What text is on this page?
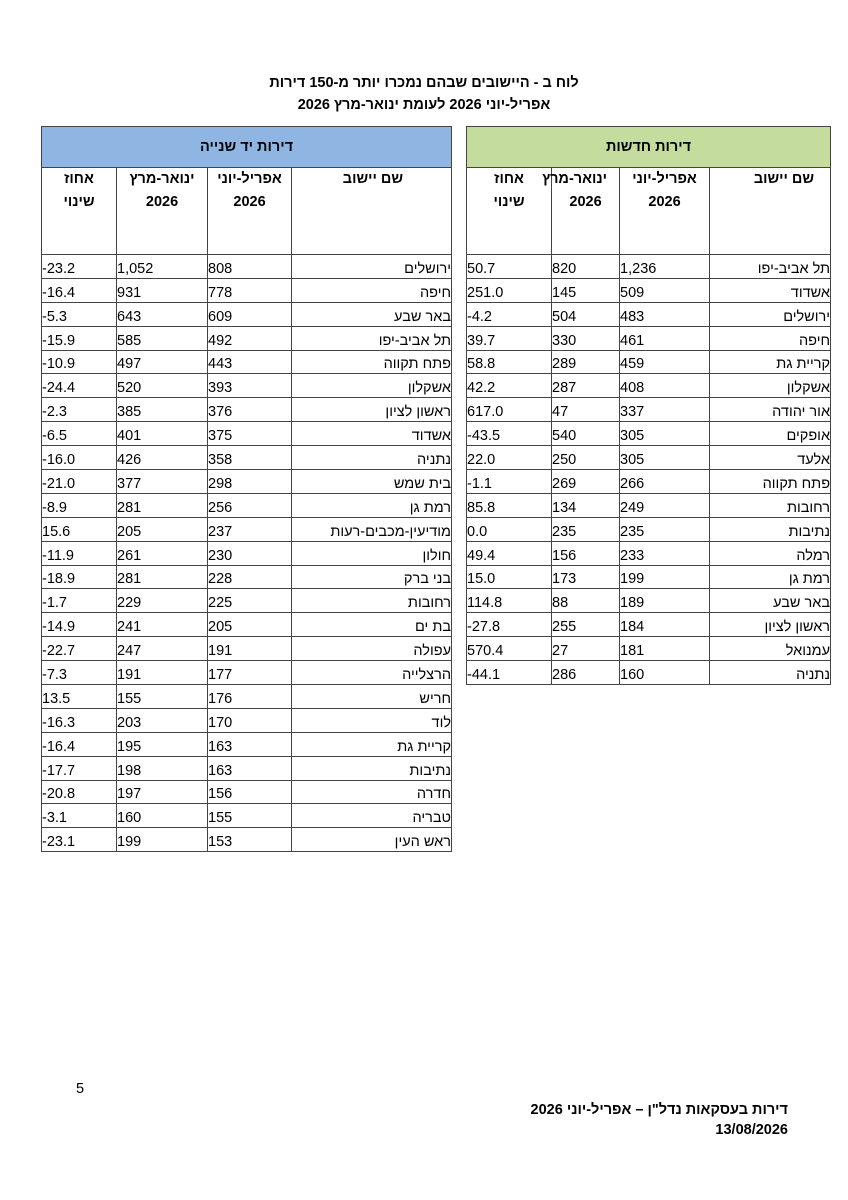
לוח ב - היישובים שבהם נמכרו יותר מ-150 דירות
אפריל-יוני 2026 לעומת ינואר-מרץ 2026
דירות חדשות			
שם יישוב	אפריל-יוני 2026	ינואר-מרץ 2026	אחוז שינוי
תל אביב-יפו	1,236	820	50.7
אשדוד	509	145	251.0
ירושלים	483	504	-4.2
חיפה	461	330	39.7
קריית גת	459	289	58.8
אשקלון	408	287	42.2
אור יהודה	337	47	617.0
אופקים	305	540	-43.5
אלעד	305	250	22.0
פתח תקווה	266	269	-1.1
רחובות	249	134	85.8
נתיבות	235	235	0.0
רמלה	233	156	49.4
רמת גן	199	173	15.0
באר שבע	189	88	114.8
ראשון לציון	184	255	-27.8
עמנואל	181	27	570.4
נתניה	160	286	-44.1
דירות יד שנייה			
שם יישוב	אפריל-יוני 2026	ינואר-מרץ 2026	אחוז שינוי
ירושלים	808	1,052	-23.2
חיפה	778	931	-16.4
באר שבע	609	643	-5.3
תל אביב-יפו	492	585	-15.9
פתח תקווה	443	497	-10.9
אשקלון	393	520	-24.4
ראשון לציון	376	385	-2.3
אשדוד	375	401	-6.5
נתניה	358	426	-16.0
בית שמש	298	377	-21.0
רמת גן	256	281	-8.9
מודיעין-מכבים-רעות	237	205	15.6
חולון	230	261	-11.9
בני ברק	228	281	-18.9
רחובות	225	229	-1.7
בת ים	205	241	-14.9
עפולה	191	247	-22.7
הרצלייה	177	191	-7.3
חריש	176	155	13.5
לוד	170	203	-16.3
קריית גת	163	195	-16.4
נתיבות	163	198	-17.7
חדרה	156	197	-20.8
טבריה	155	160	-3.1
ראש העין	153	199	-23.1
5
דירות בעסקאות נדל"ן – אפריל-יוני 2026
13/08/2026
